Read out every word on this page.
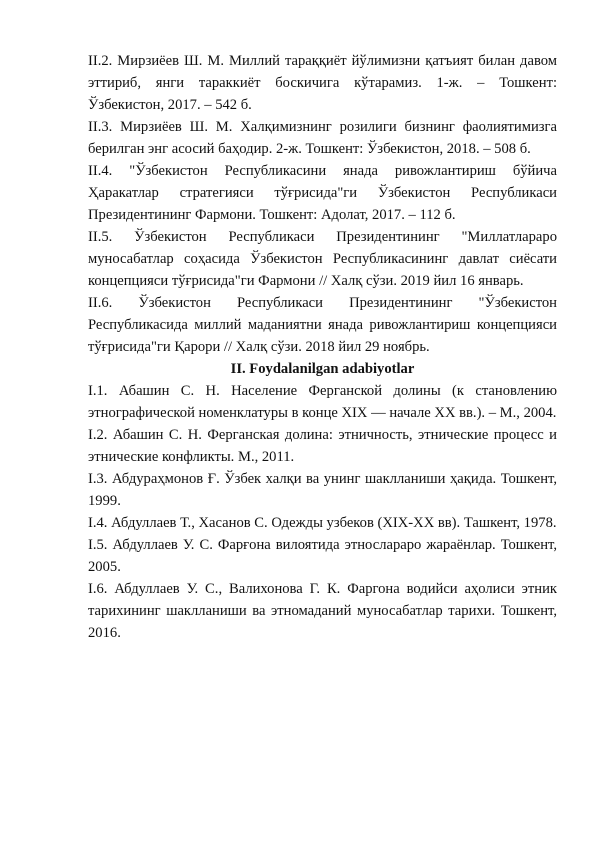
II.2. Мирзиёев Ш. М. Миллий тараққиёт йўлимизни қатъият билан давом эттириб, янги тараккиёт боскичига кўтарамиз. 1-ж. – Тошкент: Ўзбекистон, 2017. – 542 б.

II.3. Мирзиёев Ш. М. Халқимизнинг розилиги бизнинг фаолиятимизга берилган энг асосий баҳодир. 2-ж. Тошкент: Ўзбекистон, 2018. – 508 б.

II.4. "Ўзбекистон Республикасини янада ривожлантириш бўйича Ҳаракатлар стратегияси тўғрисида"ги Ўзбекистон Республикаси Президентининг Фармони. Тошкент: Адолат, 2017. – 112 б.

II.5. Ўзбекистон Республикаси Президентининг "Миллатлараро муносабатлар соҳасида Ўзбекистон Республикасининг давлат сиёсати концепцияси тўғрисида"ги Фармони // Халқ сўзи. 2019 йил 16 январь.

II.6. Ўзбекистон Республикаси Президентининг "Ўзбекистон Республикасида миллий маданиятни янада ривожлантириш концепцияси тўғрисида"ги Қарори // Халқ сўзи. 2018 йил 29 ноябрь.

II. Foydalanilgan adabiyotlar

I.1. Абашин С. Н. Население Ферганской долины (к становлению этнографической номенклатуры в конце XIX — начале XX вв.). – М., 2004.

I.2. Абашин С. Н. Ферганская долина: этничность, этнические процесс и этнические конфликты. М., 2011.

I.3. Абдураҳмонов Ғ. Ўзбек халқи ва унинг шаклланиши ҳақида. Тошкент, 1999.

I.4. Абдуллаев Т., Хасанов С. Одежды узбеков (XIX-XX вв). Ташкент, 1978.

I.5. Абдуллаев У. С. Фарғона вилоятида этнослараро жараёнлар. Тошкент, 2005.

I.6. Абдуллаев У. С., Валихонова Г. К. Фаргона водийси аҳолиси этник тарихининг шаклланиши ва этномаданий муносабатлар тарихи. Тошкент, 2016.
